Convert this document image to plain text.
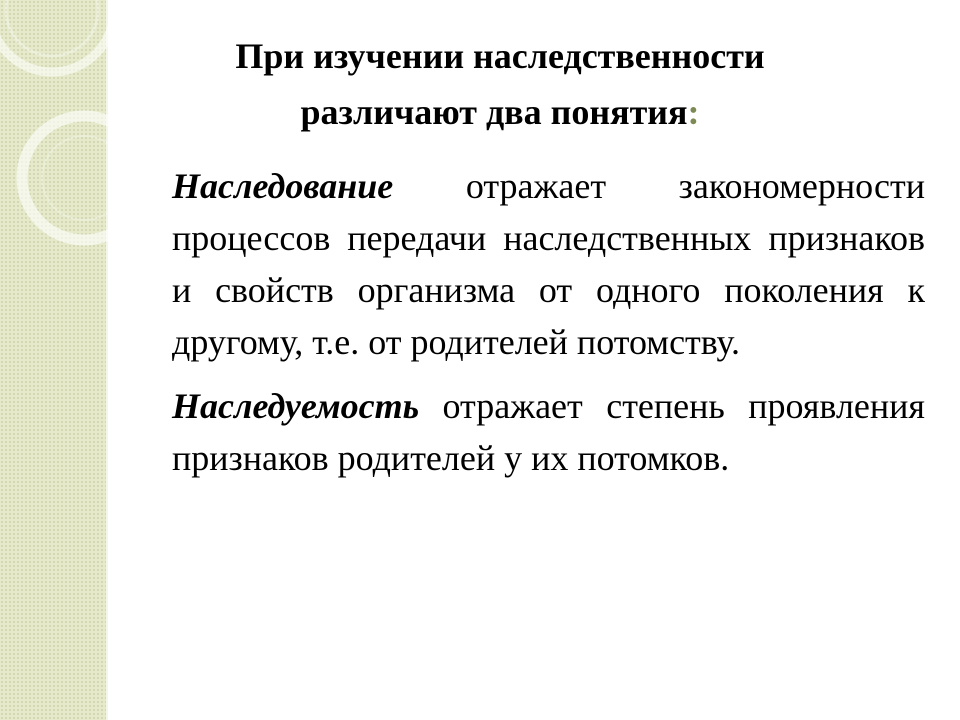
При изучении наследственности
различают два понятия:

Наследование отражает закономерности процессов передачи наследственных признаков и свойств организма от одного поколения к другому, т.е. от родителей потомству.

Наследуемость отражает степень проявления признаков родителей у их потомков.
